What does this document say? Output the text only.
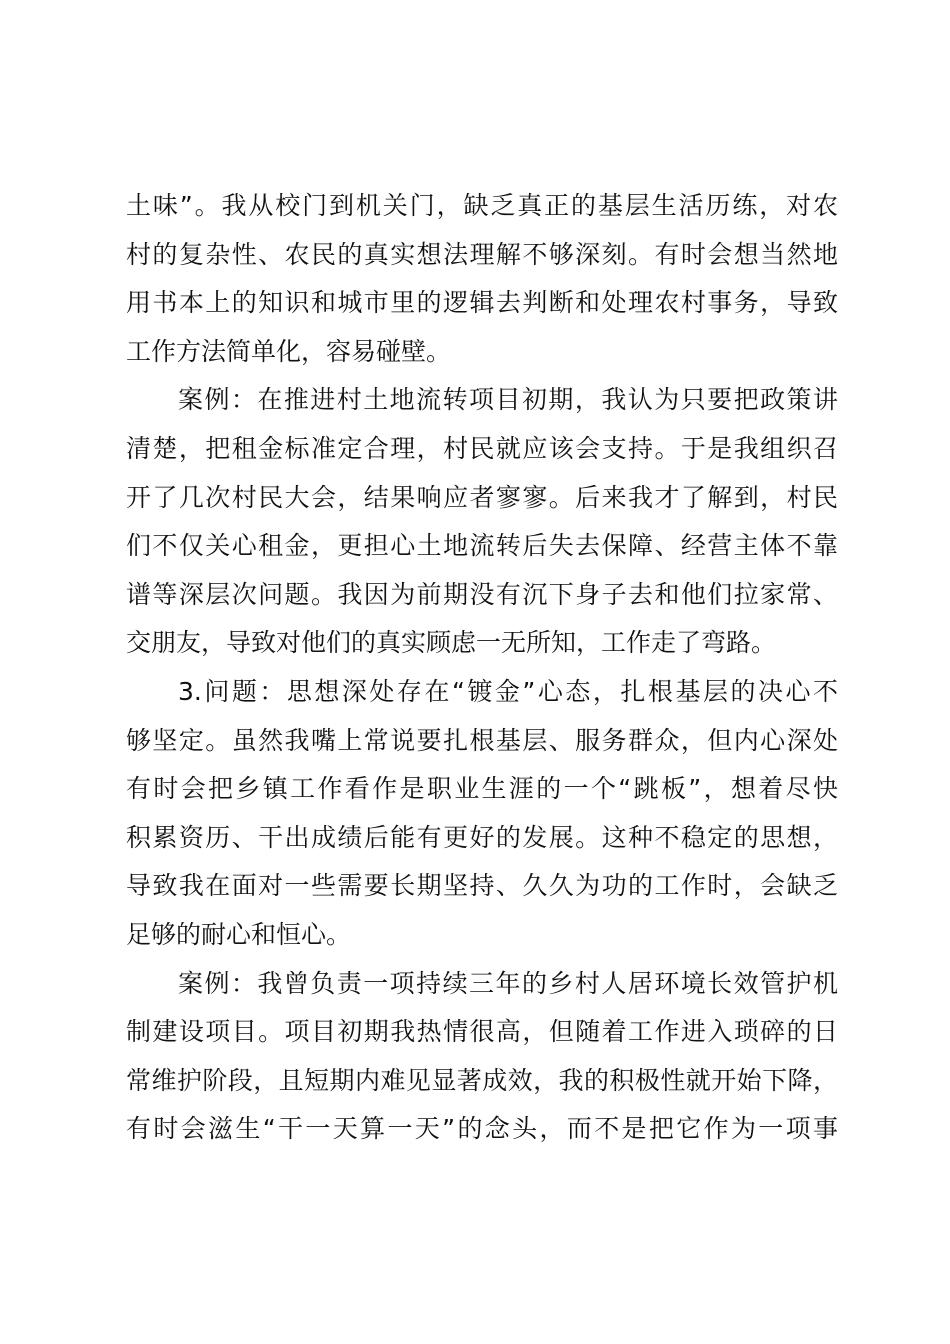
土味”。我从校门到机关门，缺乏真正的基层生活历练，对农
村的复杂性、农民的真实想法理解不够深刻。有时会想当然地
用书本上的知识和城市里的逻辑去判断和处理农村事务，导致
工作方法简单化，容易碰壁。
案例：在推进村土地流转项目初期，我认为只要把政策讲
清楚，把租金标准定合理，村民就应该会支持。于是我组织召
开了几次村民大会，结果响应者寥寥。后来我才了解到，村民
们不仅关心租金，更担心土地流转后失去保障、经营主体不靠
谱等深层次问题。我因为前期没有沉下身子去和他们拉家常、
交朋友，导致对他们的真实顾虑一无所知，工作走了弯路。
3.问题：思想深处存在“镀金”心态，扎根基层的决心不
够坚定。虽然我嘴上常说要扎根基层、服务群众，但内心深处
有时会把乡镇工作看作是职业生涯的一个“跳板”，想着尽快
积累资历、干出成绩后能有更好的发展。这种不稳定的思想，
导致我在面对一些需要长期坚持、久久为功的工作时，会缺乏
足够的耐心和恒心。
案例：我曾负责一项持续三年的乡村人居环境长效管护机
制建设项目。项目初期我热情很高，但随着工作进入琐碎的日
常维护阶段，且短期内难见显著成效，我的积极性就开始下降，
有时会滋生“干一天算一天”的念头，而不是把它作为一项事
